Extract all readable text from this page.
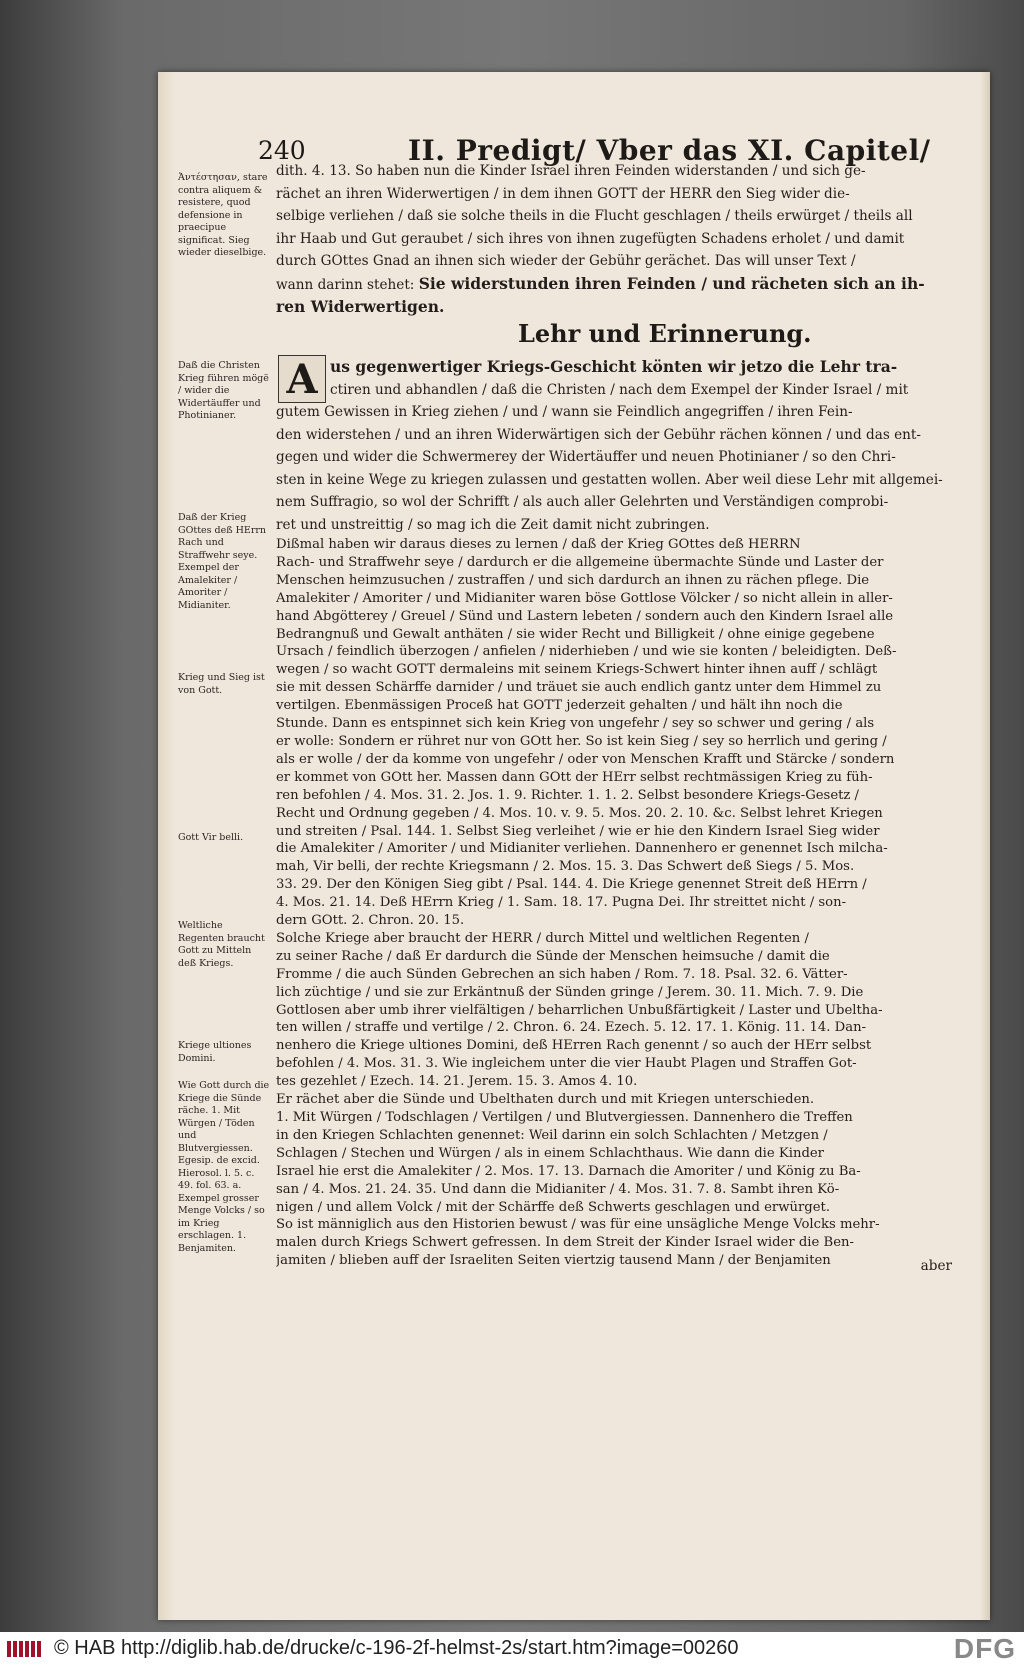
240	II. Predigt/ Vber das XI. Capitel/
Ἀντέστησαν, stare contra aliquem & resistere, quod defensione in praecipue significat. Sieg wieder dieselbige.
Daß die Christen Krieg führen mögë / wider die Widertäuffer und Photinianer.
Daß der Krieg GOttes deß HErrn Rach und Straffwehr seye. Exempel der Amalekiter / Amoriter / Midianiter.
Krieg und Sieg ist von Gott.
Gott Vir belli.
Weltliche Regenten braucht Gott zu Mitteln deß Kriegs.
Kriege ultiones Domini.
Wie Gott durch die Kriege die Sünde räche. 1. Mit Würgen / Töden und Blutvergiessen. Egesip. de excid. Hierosol. l. 5. c. 49. fol. 63. a. Exempel grosser Menge Volcks / so im Krieg erschlagen. 1. Benjamiten.
dith. 4. 13. So haben nun die Kinder Israel ihren Feinden widerstanden / und sich ge-
rächet an ihren Widerwertigen / in dem ihnen GOTT der HERR den Sieg wider die-
selbige verliehen / daß sie solche theils in die Flucht geschlagen / theils erwürget / theils all
ihr Haab und Gut geraubet / sich ihres von ihnen zugefügten Schadens erholet / und damit
durch GOttes Gnad an ihnen sich wieder der Gebühr gerächet. Das will unser Text /
wann darinn stehet: Sie widerstunden ihren Feinden / und rächeten sich an ih-
ren Widerwertigen.
Lehr und Erinnerung.
A us gegenwertiger Kriegs-Geschicht könten wir jetzo die Lehr tra-
ctiren und abhandlen / daß die Christen / nach dem Exempel der Kinder Israel / mit
gutem Gewissen in Krieg ziehen / und / wann sie Feindlich angegriffen / ihren Fein-
den widerstehen / und an ihren Widerwärtigen sich der Gebühr rächen können / und das ent-
gegen und wider die Schwermerey der Widertäuffer und neuen Photinianer / so den Chri-
sten in keine Wege zu kriegen zulassen und gestatten wollen. Aber weil diese Lehr mit allgemei-
nem Suffragio, so wol der Schrifft / als auch aller Gelehrten und Verständigen comprobi-
ret und unstreittig / so mag ich die Zeit damit nicht zubringen.
Dißmal haben wir daraus dieses zu lernen / daß der Krieg GOttes deß HERRN
Rach- und Straffwehr seye / dardurch er die allgemeine übermachte Sünde und Laster der
Menschen heimzusuchen / zustraffen / und sich dardurch an ihnen zu rächen pflege. Die
Amalekiter / Amoriter / und Midianiter waren böse Gottlose Völcker / so nicht allein in aller-
hand Abgötterey / Greuel / Sünd und Lastern lebeten / sondern auch den Kindern Israel alle
Bedrangnuß und Gewalt anthäten / sie wider Recht und Billigkeit / ohne einige gegebene
Ursach / feindlich überzogen / anfielen / niderhieben / und wie sie konten / beleidigten. Deß-
wegen / so wacht GOTT dermaleins mit seinem Kriegs-Schwert hinter ihnen auff / schlägt
sie mit dessen Schärffe darnider / und träuet sie auch endlich gantz unter dem Himmel zu
vertilgen. Ebenmässigen Proceß hat GOTT jederzeit gehalten / und hält ihn noch die
Stunde. Dann es entspinnet sich kein Krieg von ungefehr / sey so schwer und gering / als
er wolle: Sondern er rühret nur von GOtt her. So ist kein Sieg / sey so herrlich und gering /
als er wolle / der da komme von ungefehr / oder von Menschen Krafft und Stärcke / sondern
er kommet von GOtt her. Massen dann GOtt der HErr selbst rechtmässigen Krieg zu füh-
ren befohlen / 4. Mos. 31. 2. Jos. 1. 9. Richter. 1. 1. 2. Selbst besondere Kriegs-Gesetz /
Recht und Ordnung gegeben / 4. Mos. 10. v. 9. 5. Mos. 20. 2. 10. &c. Selbst lehret Kriegen
und streiten / Psal. 144. 1. Selbst Sieg verleihet / wie er hie den Kindern Israel Sieg wider
die Amalekiter / Amoriter / und Midianiter verliehen. Dannenhero er genennet Isch milcha-
mah, Vir belli, der rechte Kriegsmann / 2. Mos. 15. 3. Das Schwert deß Siegs / 5. Mos.
33. 29. Der den Königen Sieg gibt / Psal. 144. 4. Die Kriege genennet Streit deß HErrn /
4. Mos. 21. 14. Deß HErrn Krieg / 1. Sam. 18. 17. Pugna Dei. Ihr streittet nicht / son-
dern GOtt. 2. Chron. 20. 15.
Solche Kriege aber braucht der HERR / durch Mittel und weltlichen Regenten /
zu seiner Rache / daß Er dardurch die Sünde der Menschen heimsuche / damit die
Fromme / die auch Sünden Gebrechen an sich haben / Rom. 7. 18. Psal. 32. 6. Vätter-
lich züchtige / und sie zur Erkäntnuß der Sünden gringe / Jerem. 30. 11. Mich. 7. 9. Die
Gottlosen aber umb ihrer vielfältigen / beharrlichen Unbußfärtigkeit / Laster und Ubeltha-
ten willen / straffe und vertilge / 2. Chron. 6. 24. Ezech. 5. 12. 17. 1. König. 11. 14. Dan-
nenhero die Kriege ultiones Domini, deß HErren Rach genennt / so auch der HErr selbst
befohlen / 4. Mos. 31. 3. Wie ingleichem unter die vier Haubt Plagen und Straffen Got-
tes gezehlet / Ezech. 14. 21. Jerem. 15. 3. Amos 4. 10.
Er rächet aber die Sünde und Ubelthaten durch und mit Kriegen unterschieden.
1. Mit Würgen / Todschlagen / Vertilgen / und Blutvergiessen. Dannenhero die Treffen
in den Kriegen Schlachten genennet: Weil darinn ein solch Schlachten / Metzgen /
Schlagen / Stechen und Würgen / als in einem Schlachthaus. Wie dann die Kinder
Israel hie erst die Amalekiter / 2. Mos. 17. 13. Darnach die Amoriter / und König zu Ba-
san / 4. Mos. 21. 24. 35. Und dann die Midianiter / 4. Mos. 31. 7. 8. Sambt ihren Kö-
nigen / und allem Volck / mit der Schärffe deß Schwerts geschlagen und erwürget.
So ist männiglich aus den Historien bewust / was für eine unsägliche Menge Volcks mehr-
malen durch Kriegs Schwert gefressen. In dem Streit der Kinder Israel wider die Ben-
jamiten / blieben auff der Israeliten Seiten viertzig tausend Mann / der Benjamiten	aber
© HAB http://diglib.hab.de/drucke/c-196-2f-helmst-2s/start.htm?image=00260	DFG
